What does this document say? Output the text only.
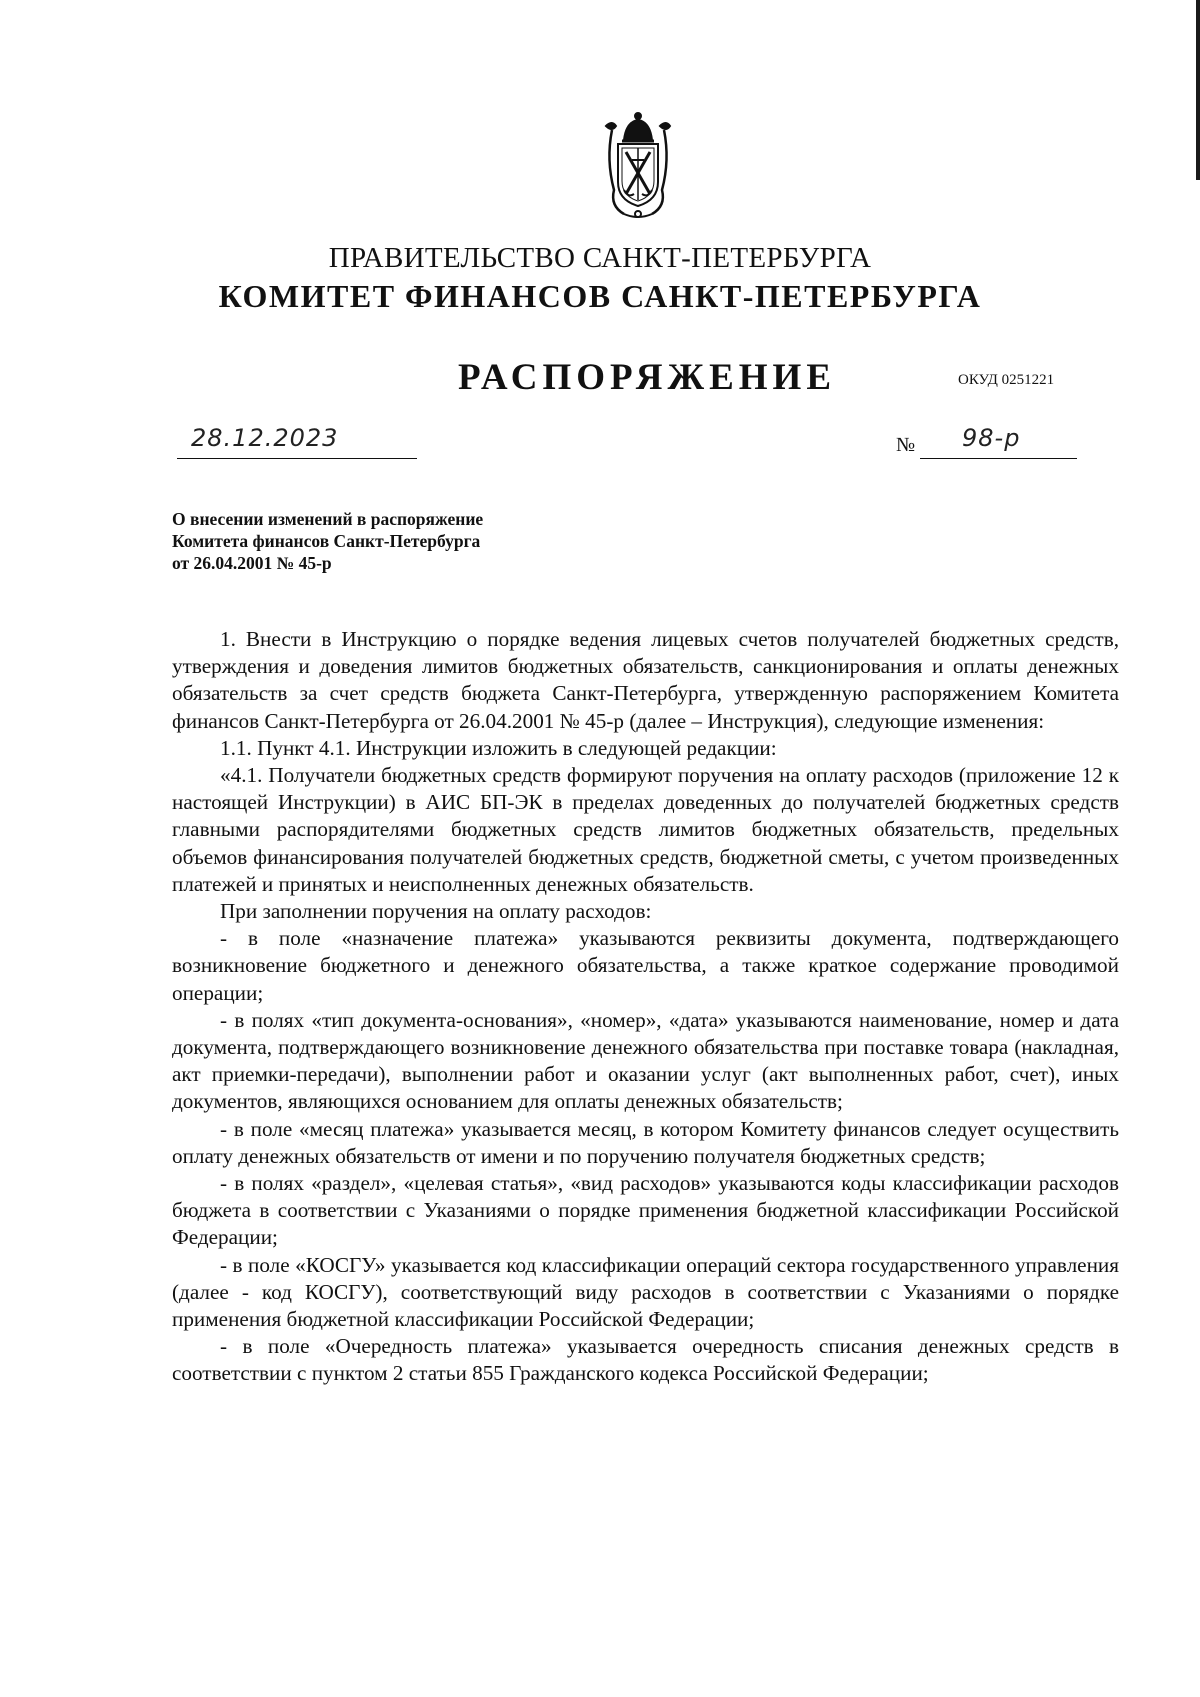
ПРАВИТЕЛЬСТВО САНКТ-ПЕТЕРБУРГА
КОМИТЕТ ФИНАНСОВ САНКТ-ПЕТЕРБУРГА
РАСПОРЯЖЕНИЕ	ОКУД 0251221
28.12.2023	№ 98-р
О внесении изменений в распоряжение
Комитета финансов Санкт-Петербурга
от 26.04.2001 № 45-р

1. Внести в Инструкцию о порядке ведения лицевых счетов получателей бюджетных средств, утверждения и доведения лимитов бюджетных обязательств, санкционирования и оплаты денежных обязательств за счет средств бюджета Санкт-Петербурга, утвержденную распоряжением Комитета финансов Санкт-Петербурга от 26.04.2001 № 45-р (далее – Инструкция), следующие изменения:

1.1. Пункт 4.1. Инструкции изложить в следующей редакции:

«4.1. Получатели бюджетных средств формируют поручения на оплату расходов (приложение 12 к настоящей Инструкции) в АИС БП-ЭК в пределах доведенных до получателей бюджетных средств главными распорядителями бюджетных средств лимитов бюджетных обязательств, предельных объемов финансирования получателей бюджетных средств, бюджетной сметы, с учетом произведенных платежей и принятых и неисполненных денежных обязательств.

При заполнении поручения на оплату расходов:

- в поле «назначение платежа» указываются реквизиты документа, подтверждающего возникновение бюджетного и денежного обязательства, а также краткое содержание проводимой операции;

- в полях «тип документа-основания», «номер», «дата» указываются наименование, номер и дата документа, подтверждающего возникновение денежного обязательства при поставке товара (накладная, акт приемки-передачи), выполнении работ и оказании услуг (акт выполненных работ, счет), иных документов, являющихся основанием для оплаты денежных обязательств;

- в поле «месяц платежа» указывается месяц, в котором Комитету финансов следует осуществить оплату денежных обязательств от имени и по поручению получателя бюджетных средств;

- в полях «раздел», «целевая статья», «вид расходов» указываются коды классификации расходов бюджета в соответствии с Указаниями о порядке применения бюджетной классификации Российской Федерации;

- в поле «КОСГУ» указывается код классификации операций сектора государственного управления (далее - код КОСГУ), соответствующий виду расходов в соответствии с Указаниями о порядке применения бюджетной классификации Российской Федерации;

- в поле «Очередность платежа» указывается очередность списания денежных средств в соответствии с пунктом 2 статьи 855 Гражданского кодекса Российской Федерации;
